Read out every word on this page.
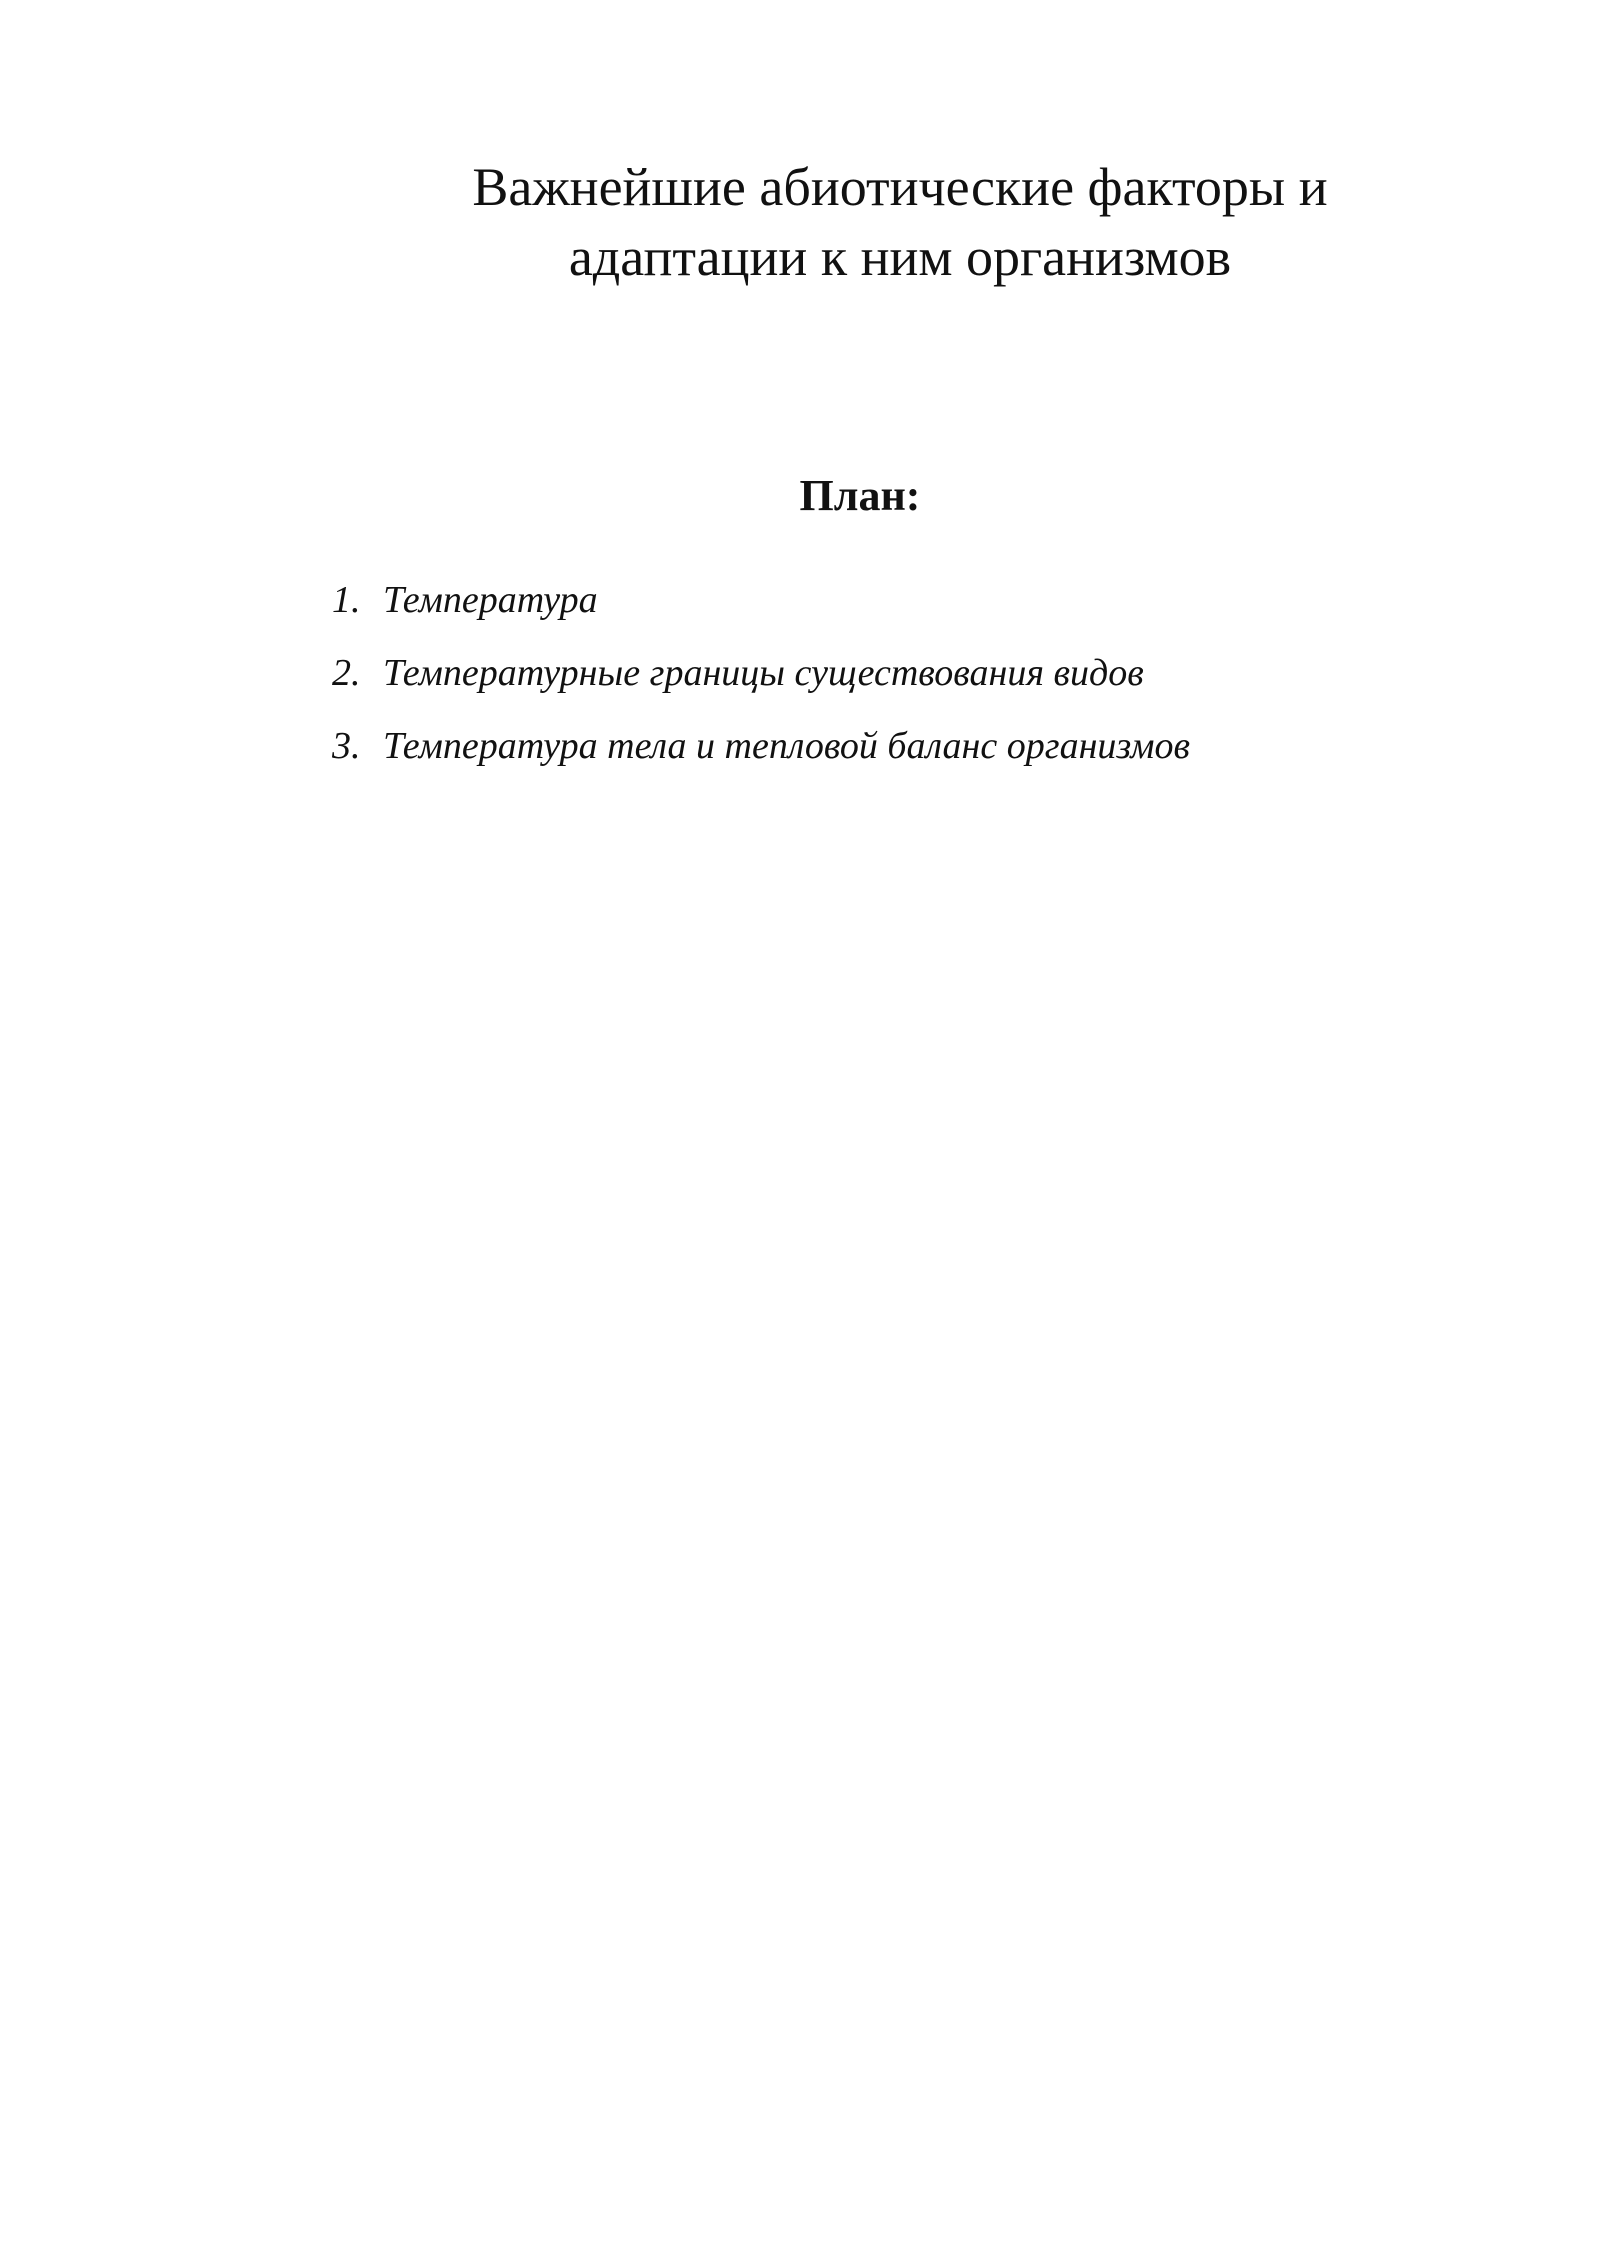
Важнейшие абиотические факторы и
адаптации к ним организмов
План:
1. Температура
2. Температурные границы существования видов
3. Температура тела и тепловой баланс организмов
